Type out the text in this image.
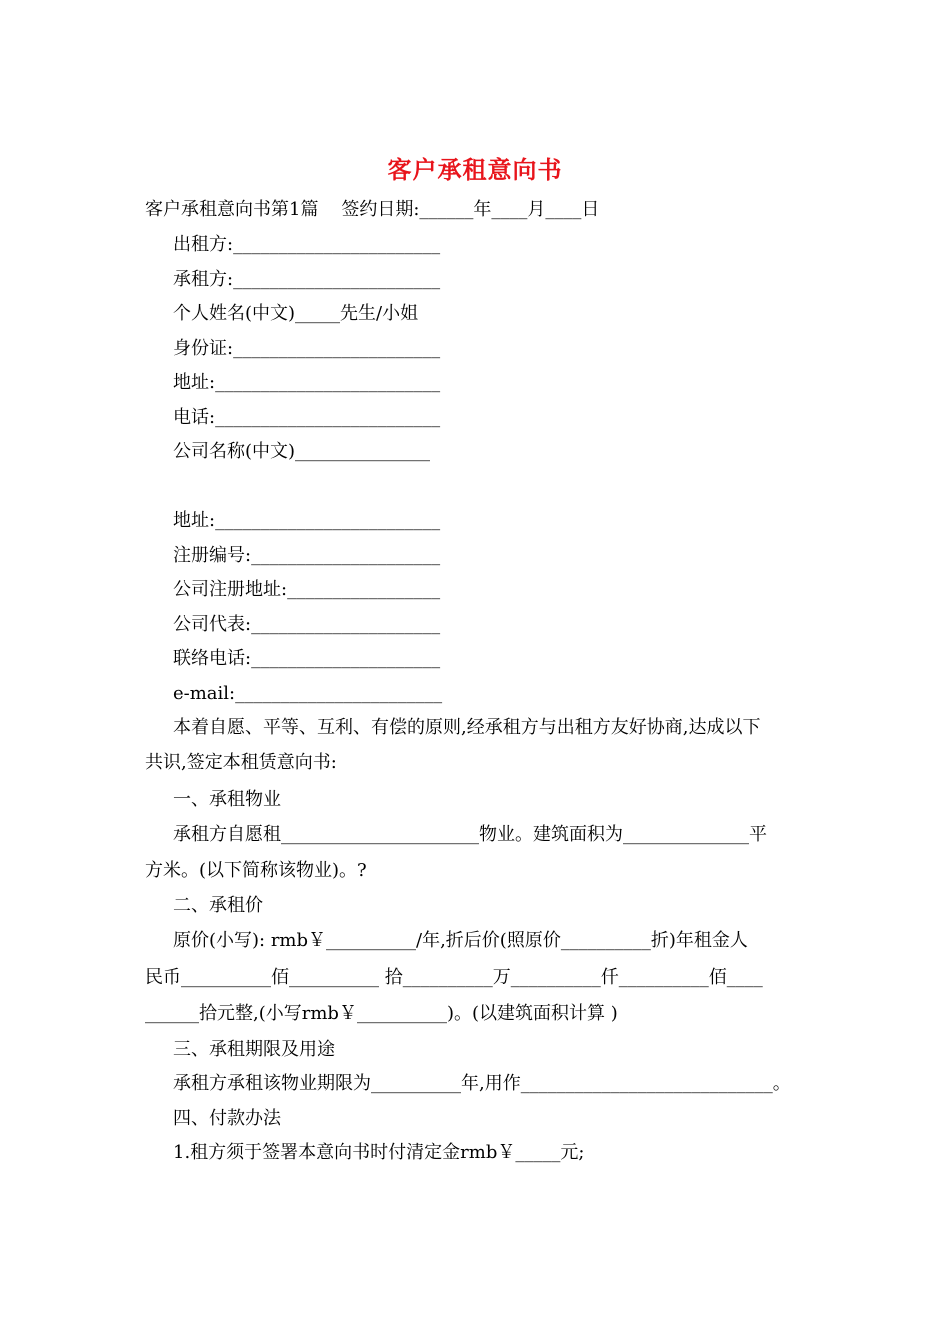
客户承租意向书
客户承租意向书第1篇    签约日期:______年____月____日
出租方:_______________________
承租方:_______________________
个人姓名(中文)_____先生/小姐
身份证:_______________________
地址:_________________________
电话:_________________________
公司名称(中文)_______________
地址:_________________________
注册编号:_____________________
公司注册地址:_________________
公司代表:_____________________
联络电话:_____________________
e-mail:_______________________
本着自愿、平等、互利、有偿的原则,经承租方与出租方友好协商,达成以下
共识,签定本租赁意向书:
一、承租物业
承租方自愿租______________________物业。建筑面积为______________平
方米。(以下简称该物业)。?
二、承租价
原价(小写): rmb￥__________/年,折后价(照原价__________折)年租金人
民币__________佰__________ 拾__________万__________仟__________佰____
______拾元整,(小写rmb￥__________)。(以建筑面积计算 )
三、承租期限及用途
承租方承租该物业期限为__________年,用作____________________________。
四、付款办法
1.租方须于签署本意向书时付清定金rmb￥_____元;
